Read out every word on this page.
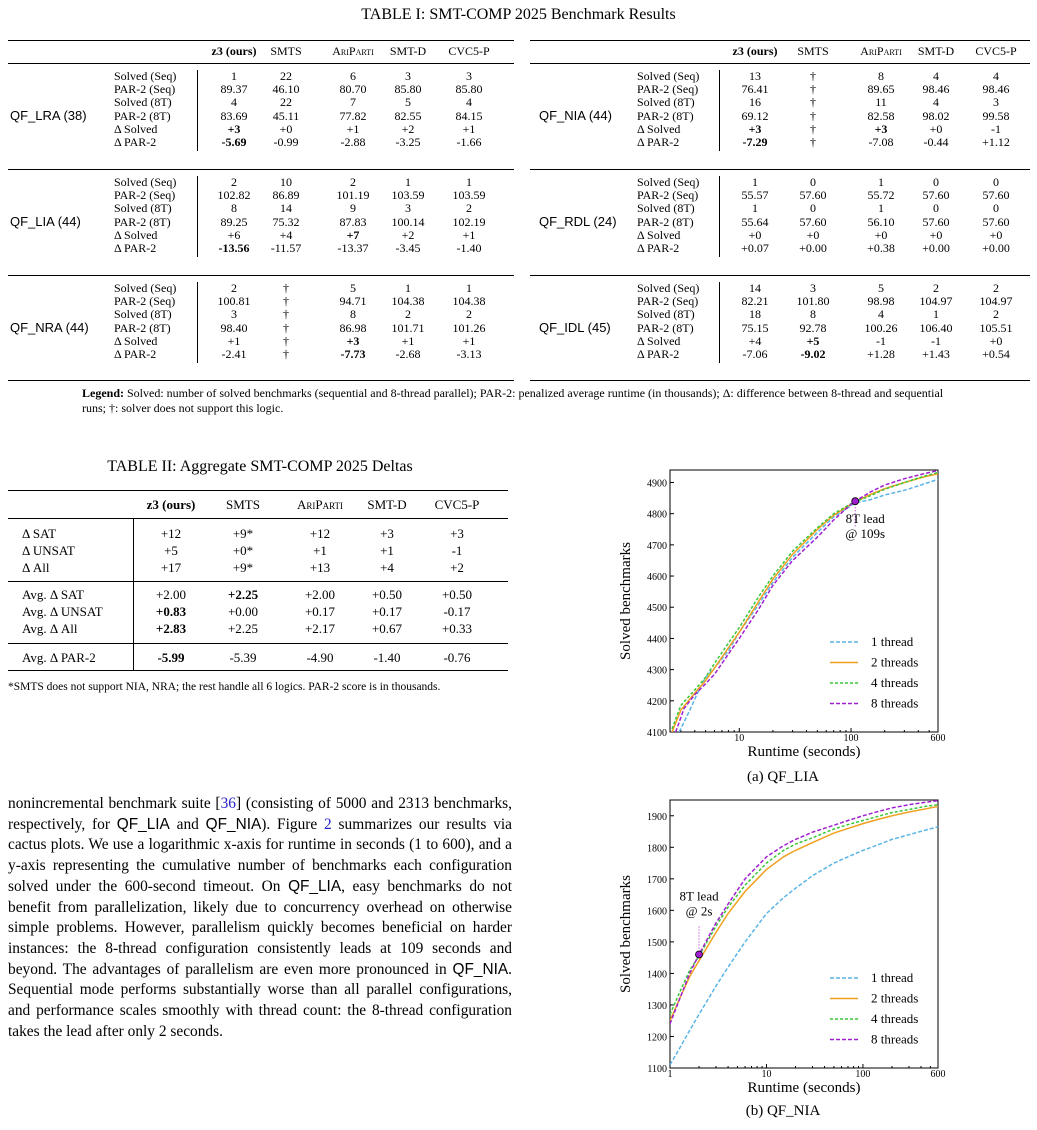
TABLE I: SMT-COMP 2025 Benchmark Results
z3 (ours)	SMTS	AriParti	SMT-D	CVC5-P
QF_LRA (38)
Solved (Seq)	1	22	6	3	3
PAR-2 (Seq)	89.37	46.10	80.70	85.80	85.80
Solved (8T)	4	22	7	5	4
PAR-2 (8T)	83.69	45.11	77.82	82.55	84.15
Δ Solved	+3	+0	+1	+2	+1
Δ PAR-2	-5.69	-0.99	-2.88	-3.25	-1.66
QF_LIA (44)
Solved (Seq)	2	10	2	1	1
PAR-2 (Seq)	102.82	86.89	101.19	103.59	103.59
Solved (8T)	8	14	9	3	2
PAR-2 (8T)	89.25	75.32	87.83	100.14	102.19
Δ Solved	+6	+4	+7	+2	+1
Δ PAR-2	-13.56	-11.57	-13.37	-3.45	-1.40
QF_NRA (44)
Solved (Seq)	2	†	5	1	1
PAR-2 (Seq)	100.81	†	94.71	104.38	104.38
Solved (8T)	3	†	8	2	2
PAR-2 (8T)	98.40	†	86.98	101.71	101.26
Δ Solved	+1	†	+3	+1	+1
Δ PAR-2	-2.41	†	-7.73	-2.68	-3.13
z3 (ours)	SMTS	AriParti	SMT-D	CVC5-P
QF_NIA (44)
Solved (Seq)	13	†	8	4	4
PAR-2 (Seq)	76.41	†	89.65	98.46	98.46
Solved (8T)	16	†	11	4	3
PAR-2 (8T)	69.12	†	82.58	98.02	99.58
Δ Solved	+3	†	+3	+0	-1
Δ PAR-2	-7.29	†	-7.08	-0.44	+1.12
QF_RDL (24)
Solved (Seq)	1	0	1	0	0
PAR-2 (Seq)	55.57	57.60	55.72	57.60	57.60
Solved (8T)	1	0	1	0	0
PAR-2 (8T)	55.64	57.60	56.10	57.60	57.60
Δ Solved	+0	+0	+0	+0	+0
Δ PAR-2	+0.07	+0.00	+0.38	+0.00	+0.00
QF_IDL (45)
Solved (Seq)	14	3	5	2	2
PAR-2 (Seq)	82.21	101.80	98.98	104.97	104.97
Solved (8T)	18	8	4	1	2
PAR-2 (8T)	75.15	92.78	100.26	106.40	105.51
Δ Solved	+4	+5	-1	-1	+0
Δ PAR-2	-7.06	-9.02	+1.28	+1.43	+0.54
Legend: Solved: number of solved benchmarks (sequential and 8-thread parallel); PAR-2: penalized average runtime (in thousands); Δ: difference between 8-thread and sequential runs; †: solver does not support this logic.
TABLE II: Aggregate SMT-COMP 2025 Deltas
z3 (ours)	SMTS	AriParti	SMT-D	CVC5-P
Δ SAT	+12	+9*	+12	+3	+3
Δ UNSAT	+5	+0*	+1	+1	-1
Δ All	+17	+9*	+13	+4	+2
Avg. Δ SAT	+2.00	+2.25	+2.00	+0.50	+0.50
Avg. Δ UNSAT	+0.83	+0.00	+0.17	+0.17	-0.17
Avg. Δ All	+2.83	+2.25	+2.17	+0.67	+0.33
Avg. Δ PAR-2	-5.99	-5.39	-4.90	-1.40	-0.76
*SMTS does not support NIA, NRA; the rest handle all 6 logics. PAR-2 score is in thousands.
nonincremental benchmark suite [36] (consisting of 5000 and 2313 benchmarks, respectively, for QF_LIA and QF_NIA). Figure 2 summarizes our results via cactus plots. We use a logarithmic x-axis for runtime in seconds (1 to 600), and a y-axis representing the cumulative number of benchmarks each configuration solved under the 600-second timeout. On QF_LIA, easy benchmarks do not benefit from parallelization, likely due to concurrency overhead on otherwise simple problems. However, parallelism quickly becomes beneficial on harder instances: the 8-thread configuration consistently leads at 109 seconds and beyond. The advantages of parallelism are even more pronounced in QF_NIA. Sequential mode performs substantially worse than all parallel configurations, and performance scales smoothly with thread count: the 8-thread configuration takes the lead after only 2 seconds.
4100
4200
4300
4400
4500
4600
4700
4800
4900
10	100	600
Runtime (seconds)
Solved benchmarks
8T lead
@ 109s
1 thread
2 threads
4 threads
8 threads
(a) QF_LIA
1100
1200
1300
1400
1500
1600
1700
1800
1900
1	10	100	600
Runtime (seconds)
Solved benchmarks	8T lead
@ 2s
1 thread
2 threads
4 threads
8 threads
(b) QF_NIA
